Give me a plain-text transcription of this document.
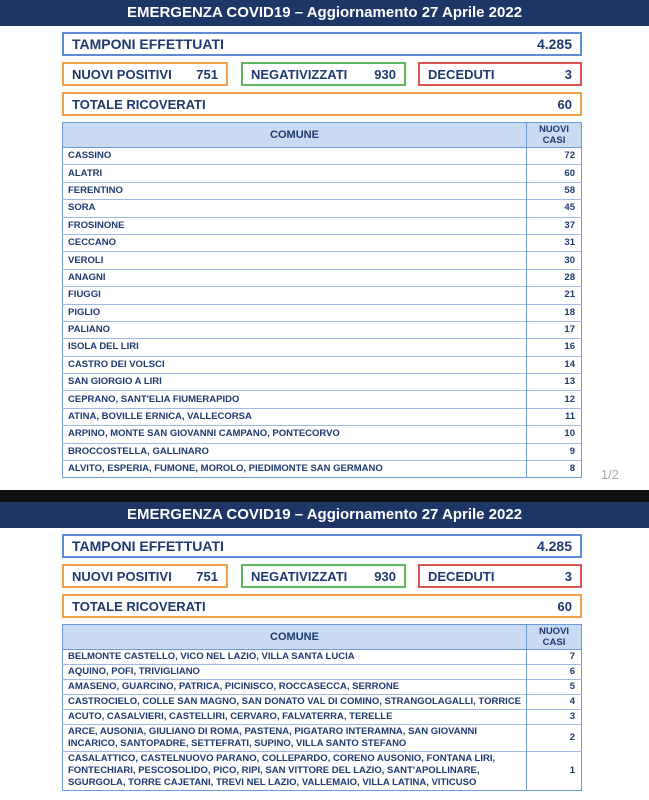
EMERGENZA COVID19 – Aggiornamento 27 Aprile 2022
TAMPONI EFFETTUATI	4.285
NUOVI POSITIVI 751	NEGATIVIZZATI 930 DECEDUTI	3
TOTALE RICOVERATI	60
COMUNE	NUOVI CASI
CASSINO	72
ALATRI	60
FERENTINO	58
SORA	45
FROSINONE	37
CECCANO	31
VEROLI	30
ANAGNI	28
FIUGGI	21
PIGLIO	18
PALIANO	17
ISOLA DEL LIRI	16
CASTRO DEI VOLSCI	14
SAN GIORGIO A LIRI	13
CEPRANO, SANT'ELIA FIUMERAPIDO	12
ATINA, BOVILLE ERNICA, VALLECORSA	11
ARPINO, MONTE SAN GIOVANNI CAMPANO, PONTECORVO	10
BROCCOSTELLA, GALLINARO	9
ALVITO, ESPERIA, FUMONE, MOROLO, PIEDIMONTE SAN GERMANO	8 1/2
EMERGENZA COVID19 – Aggiornamento 27 Aprile 2022
TAMPONI EFFETTUATI	4.285
NUOVI POSITIVI 751	NEGATIVIZZATI 930 DECEDUTI	3
TOTALE RICOVERATI	60
COMUNE	NUOVI CASI
BELMONTE CASTELLO, VICO NEL LAZIO, VILLA SANTA LUCIA	7
AQUINO, POFI, TRIVIGLIANO	6
AMASENO, GUARCINO, PATRICA, PICINISCO, ROCCASECCA, SERRONE	5
CASTROCIELO, COLLE SAN MAGNO, SAN DONATO VAL DI COMINO, STRANGOLAGALLI, TORRICE	4
ACUTO, CASALVIERI, CASTELLIRI, CERVARO, FALVATERRA, TERELLE	3
ARCE, AUSONIA, GIULIANO DI ROMA, PASTENA, PIGATARO INTERAMNA, SAN GIOVANNI INCARICO, SANTOPADRE, SETTEFRATI, SUPINO, VILLA SANTO STEFANO	2
CASALATTICO, CASTELNUOVO PARANO, COLLEPARDO, CORENO AUSONIO, FONTANA LIRI, FONTECHIARI, PESCOSOLIDO, PICO, RIPI, SAN VITTORE DEL LAZIO, SANT'APOLLINARE, SGURGOLA, TORRE CAJETANI, TREVI NEL LAZIO, VALLEMAIO, VILLA LATINA, VITICUSO	1
